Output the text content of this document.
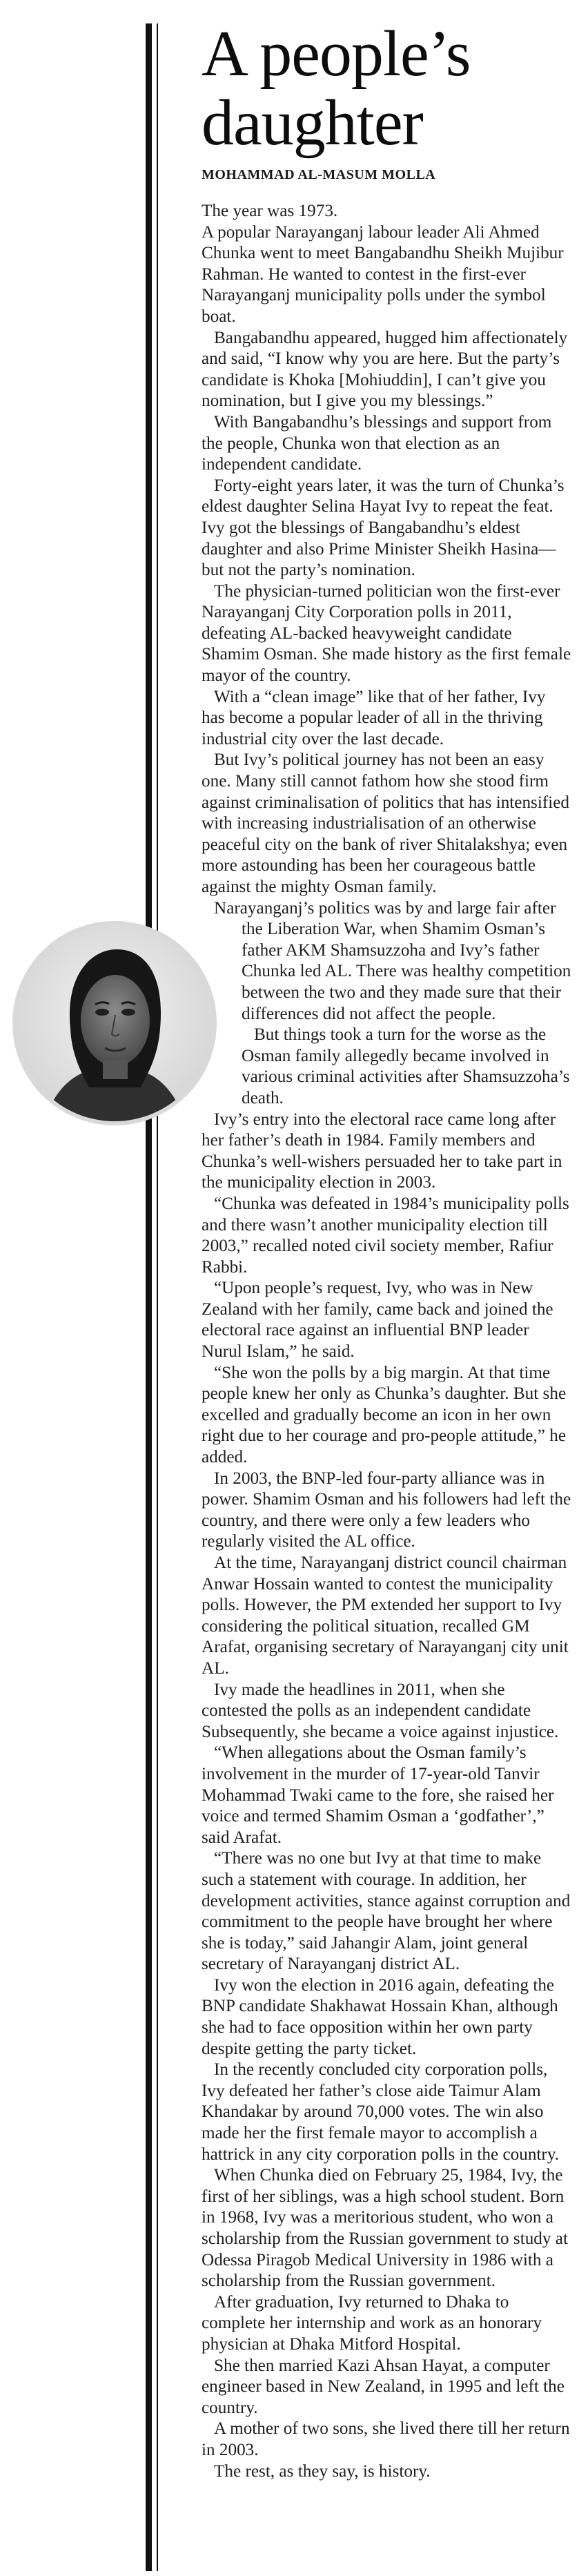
A people’s daughter
MOHAMMAD AL-MASUM MOLLA

The year was 1973.

A popular Narayanganj labour leader Ali Ahmed Chunka went to meet Bangabandhu Sheikh Mujibur Rahman. He wanted to contest in the first-ever Narayanganj municipality polls under the symbol boat.

Bangabandhu appeared, hugged him affectionately and said, “I know why you are here. But the party’s candidate is Khoka [Mohiuddin], I can’t give you nomination, but I give you my blessings.”

With Bangabandhu’s blessings and support from the people, Chunka won that election as an independent candidate.

Forty-eight years later, it was the turn of Chunka’s eldest daughter Selina Hayat Ivy to repeat the feat. Ivy got the blessings of Bangabandhu’s eldest daughter and also Prime Minister Sheikh Hasina—but not the party’s nomination.

The physician-turned politician won the first-ever Narayanganj City Corporation polls in 2011, defeating AL-backed heavyweight candidate Shamim Osman. She made history as the first female mayor of the country.

With a “clean image” like that of her father, Ivy has become a popular leader of all in the thriving industrial city over the last decade.

But Ivy’s political journey has not been an easy one. Many still cannot fathom how she stood firm against criminalisation of politics that has intensified with increasing industrialisation of an otherwise peaceful city on the bank of river Shitalakshya; even more astounding has been her courageous battle against the mighty Osman family.

Narayanganj’s politics was by and large fair after the Liberation War, when Shamim Osman’s father AKM Shamsuzzoha and Ivy’s father Chunka led AL. There was healthy competition between the two and they made sure that their differences did not affect the people.

But things took a turn for the worse as the Osman family allegedly became involved in various criminal activities after Shamsuzzoha’s death.

Ivy’s entry into the electoral race came long after her father’s death in 1984. Family members and Chunka’s well-wishers persuaded her to take part in the municipality election in 2003.

“Chunka was defeated in 1984’s municipality polls and there wasn’t another municipality election till 2003,” recalled noted civil society member, Rafiur Rabbi.

“Upon people’s request, Ivy, who was in New Zealand with her family, came back and joined the electoral race against an influential BNP leader Nurul Islam,” he said.

“She won the polls by a big margin. At that time people knew her only as Chunka’s daughter. But she excelled and gradually become an icon in her own right due to her courage and pro-people attitude,” he added.

In 2003, the BNP-led four-party alliance was in power. Shamim Osman and his followers had left the country, and there were only a few leaders who regularly visited the AL office.

At the time, Narayanganj district council chairman Anwar Hossain wanted to contest the municipality polls. However, the PM extended her support to Ivy considering the political situation, recalled GM Arafat, organising secretary of Narayanganj city unit AL.

Ivy made the headlines in 2011, when she contested the polls as an independent candidate Subsequently, she became a voice against injustice.

“When allegations about the Osman family’s involvement in the murder of 17-year-old Tanvir Mohammad Twaki came to the fore, she raised her voice and termed Shamim Osman a ‘godfather’,” said Arafat.

“There was no one but Ivy at that time to make such a statement with courage. In addition, her development activities, stance against corruption and commitment to the people have brought her where she is today,” said Jahangir Alam, joint general secretary of Narayanganj district AL.

Ivy won the election in 2016 again, defeating the BNP candidate Shakhawat Hossain Khan, although she had to face opposition within her own party despite getting the party ticket.

In the recently concluded city corporation polls, Ivy defeated her father’s close aide Taimur Alam Khandakar by around 70,000 votes. The win also made her the first female mayor to accomplish a hattrick in any city corporation polls in the country.

When Chunka died on February 25, 1984, Ivy, the first of her siblings, was a high school student. Born in 1968, Ivy was a meritorious student, who won a scholarship from the Russian government to study at Odessa Piragob Medical University in 1986 with a scholarship from the Russian government.

After graduation, Ivy returned to Dhaka to complete her internship and work as an honorary physician at Dhaka Mitford Hospital.

She then married Kazi Ahsan Hayat, a computer engineer based in New Zealand, in 1995 and left the country.

A mother of two sons, she lived there till her return in 2003.

The rest, as they say, is history.
